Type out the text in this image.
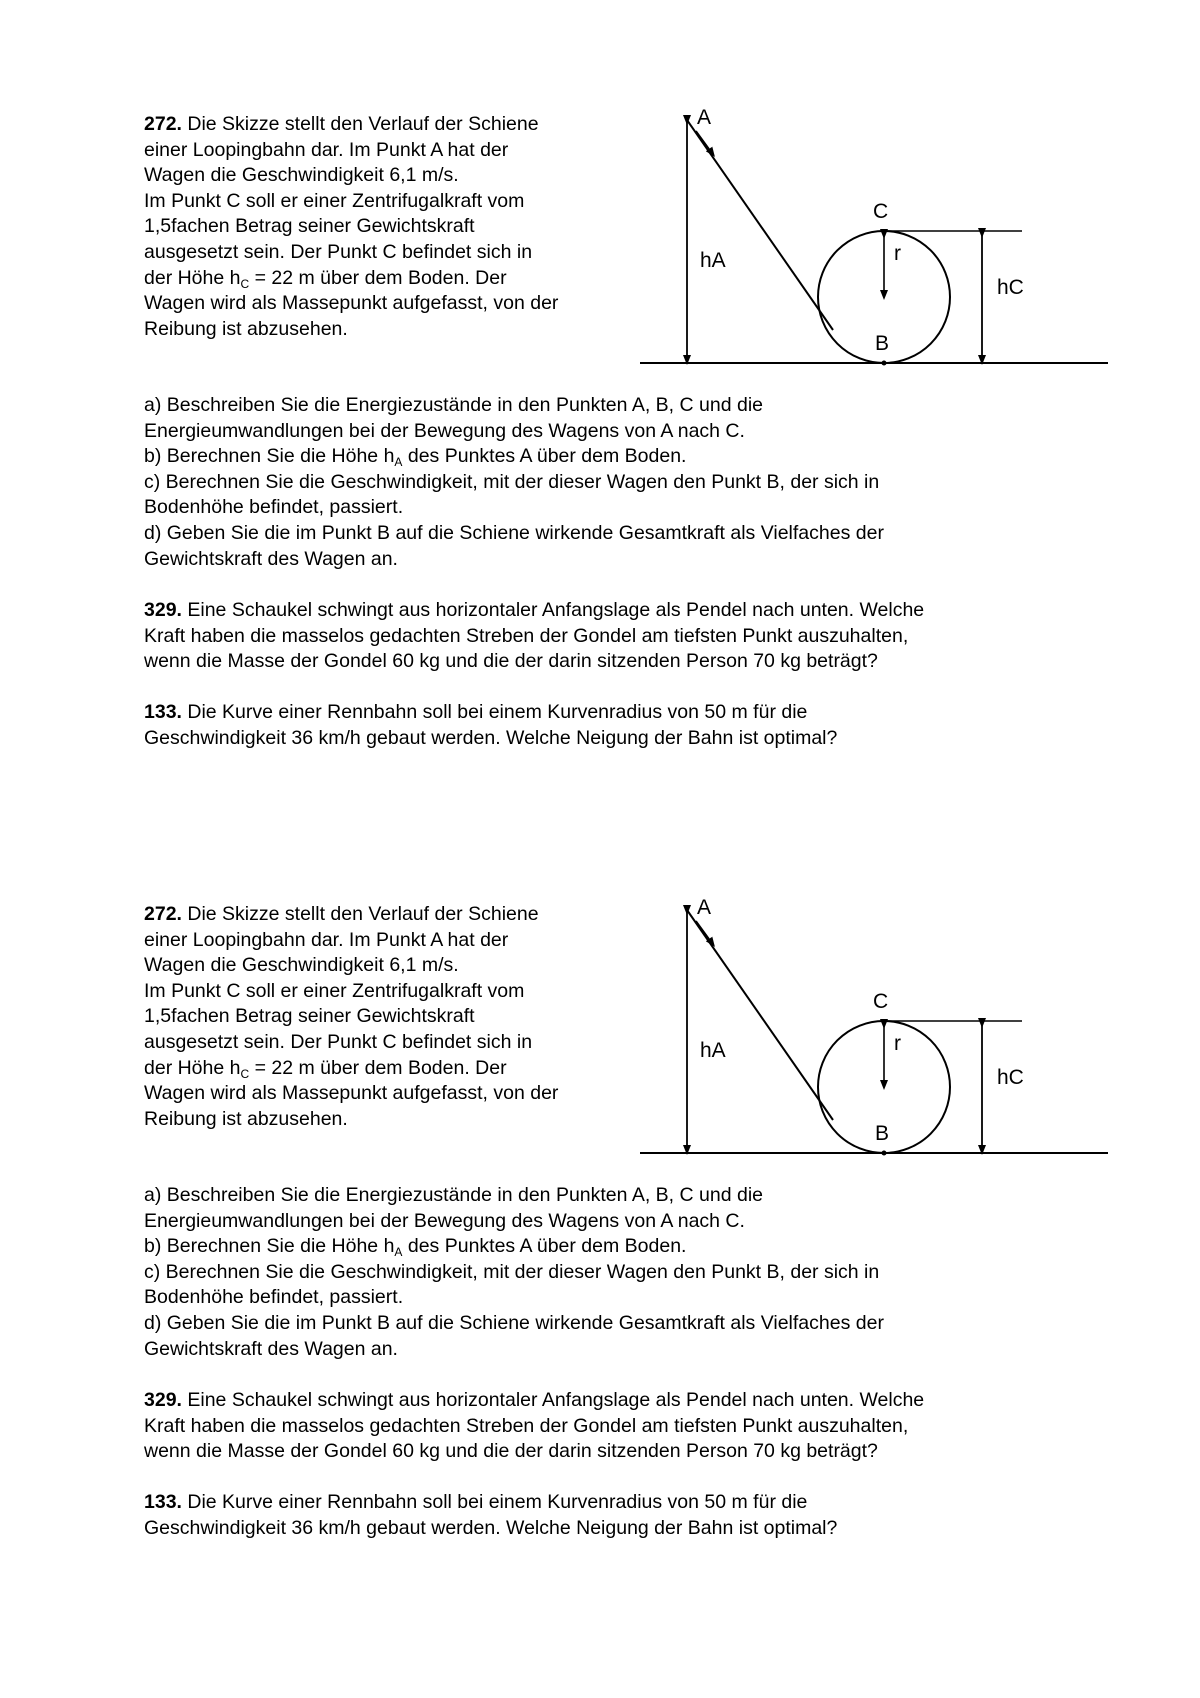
272. Die Skizze stellt den Verlauf der Schiene
einer Loopingbahn dar. Im Punkt A hat der
Wagen die Geschwindigkeit 6,1 m/s.
Im Punkt C soll er einer Zentrifugalkraft vom
1,5fachen Betrag seiner Gewichtskraft
ausgesetzt sein. Der Punkt C befindet sich in
der Höhe $h_C = 22$ m über dem Boden. Der
Wagen wird als Massepunkt aufgefasst, von der
Reibung ist abzusehen.

A
C
r
hA
hC
B

a) Beschreiben Sie die Energiezustände in den Punkten A, B, C und die
Energieumwandlungen bei der Bewegung des Wagens von A nach C.
b) Berechnen Sie die Höhe $h_A$ des Punktes A über dem Boden.
c) Berechnen Sie die Geschwindigkeit, mit der dieser Wagen den Punkt B, der sich in
Bodenhöhe befindet, passiert.
d) Geben Sie die im Punkt B auf die Schiene wirkende Gesamtkraft als Vielfaches der
Gewichtskraft des Wagen an.

329. Eine Schaukel schwingt aus horizontaler Anfangslage als Pendel nach unten. Welche
Kraft haben die masselos gedachten Streben der Gondel am tiefsten Punkt auszuhalten,
wenn die Masse der Gondel 60 kg und die der darin sitzenden Person 70 kg beträgt?

133. Die Kurve einer Rennbahn soll bei einem Kurvenradius von 50 m für die
Geschwindigkeit 36 km/h gebaut werden. Welche Neigung der Bahn ist optimal?

272. Die Skizze stellt den Verlauf der Schiene
einer Loopingbahn dar. Im Punkt A hat der
Wagen die Geschwindigkeit 6,1 m/s.
Im Punkt C soll er einer Zentrifugalkraft vom
1,5fachen Betrag seiner Gewichtskraft
ausgesetzt sein. Der Punkt C befindet sich in
der Höhe $h_C = 22$ m über dem Boden. Der
Wagen wird als Massepunkt aufgefasst, von der
Reibung ist abzusehen.

A
C
r
hA
hC
B

a) Beschreiben Sie die Energiezustände in den Punkten A, B, C und die
Energieumwandlungen bei der Bewegung des Wagens von A nach C.
b) Berechnen Sie die Höhe $h_A$ des Punktes A über dem Boden.
c) Berechnen Sie die Geschwindigkeit, mit der dieser Wagen den Punkt B, der sich in
Bodenhöhe befindet, passiert.
d) Geben Sie die im Punkt B auf die Schiene wirkende Gesamtkraft als Vielfaches der
Gewichtskraft des Wagen an.

329. Eine Schaukel schwingt aus horizontaler Anfangslage als Pendel nach unten. Welche
Kraft haben die masselos gedachten Streben der Gondel am tiefsten Punkt auszuhalten,
wenn die Masse der Gondel 60 kg und die der darin sitzenden Person 70 kg beträgt?

133. Die Kurve einer Rennbahn soll bei einem Kurvenradius von 50 m für die
Geschwindigkeit 36 km/h gebaut werden. Welche Neigung der Bahn ist optimal?
